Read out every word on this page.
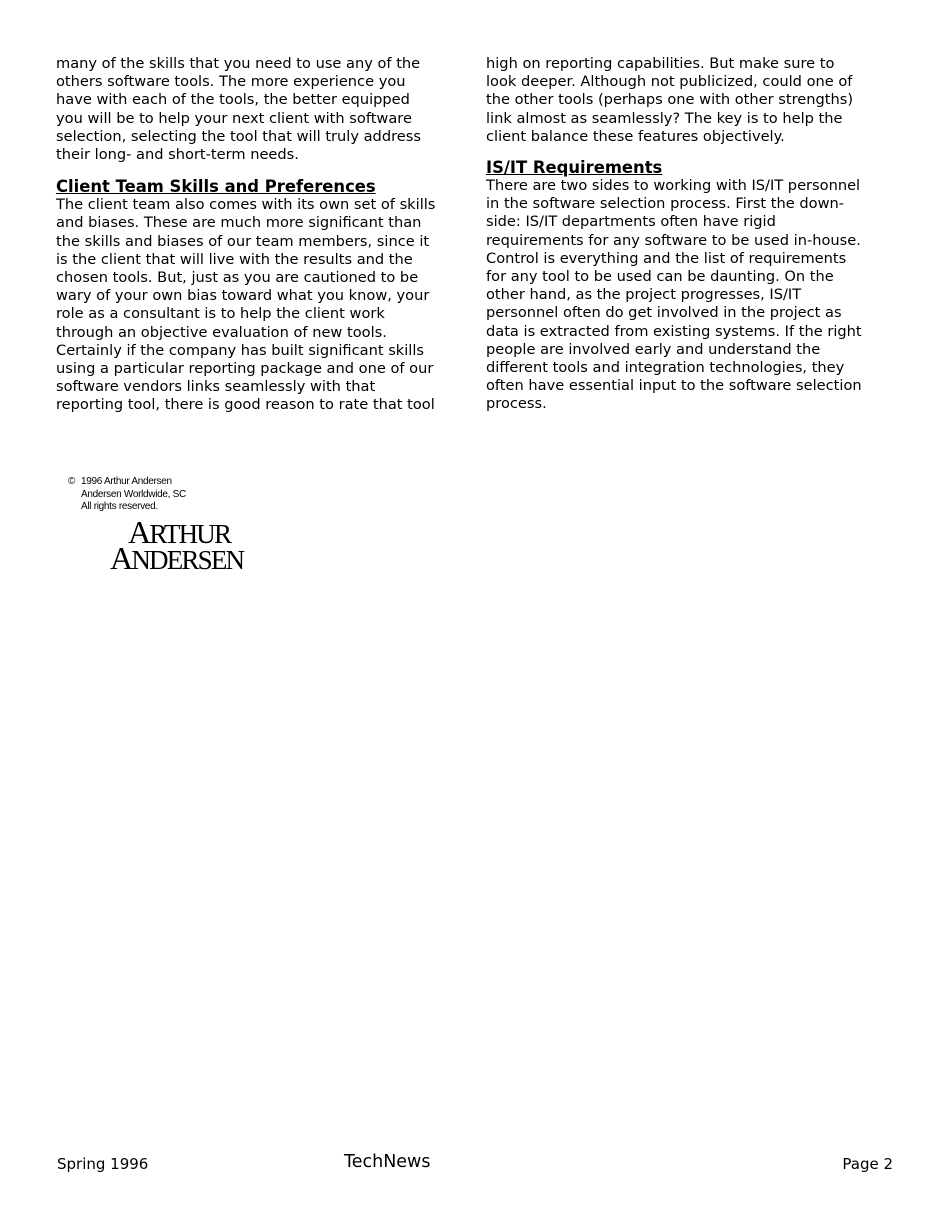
many of the skills that you need to use any of the
others software tools. The more experience you
have with each of the tools, the better equipped
you will be to help your next client with software
selection, selecting the tool that will truly address
their long- and short-term needs.

Client Team Skills and Preferences

The client team also comes with its own set of skills
and biases. These are much more significant than
the skills and biases of our team members, since it
is the client that will live with the results and the
chosen tools. But, just as you are cautioned to be
wary of your own bias toward what you know, your
role as a consultant is to help the client work
through an objective evaluation of new tools.
Certainly if the company has built significant skills
using a particular reporting package and one of our
software vendors links seamlessly with that
reporting tool, there is good reason to rate that tool

high on reporting capabilities. But make sure to
look deeper. Although not publicized, could one of
the other tools (perhaps one with other strengths)
link almost as seamlessly? The key is to help the
client balance these features objectively.

IS/IT Requirements

There are two sides to working with IS/IT personnel
in the software selection process. First the down-
side: IS/IT departments often have rigid
requirements for any software to be used in-house.
Control is everything and the list of requirements
for any tool to be used can be daunting. On the
other hand, as the project progresses, IS/IT
personnel often do get involved in the project as
data is extracted from existing systems. If the right
people are involved early and understand the
different tools and integration technologies, they
often have essential input to the software selection
process.

© 1996 Arthur Andersen
Andersen Worldwide, SC
All rights reserved.
ARTHUR
ANDERSEN
Spring 1996	TechNews	Page 2
